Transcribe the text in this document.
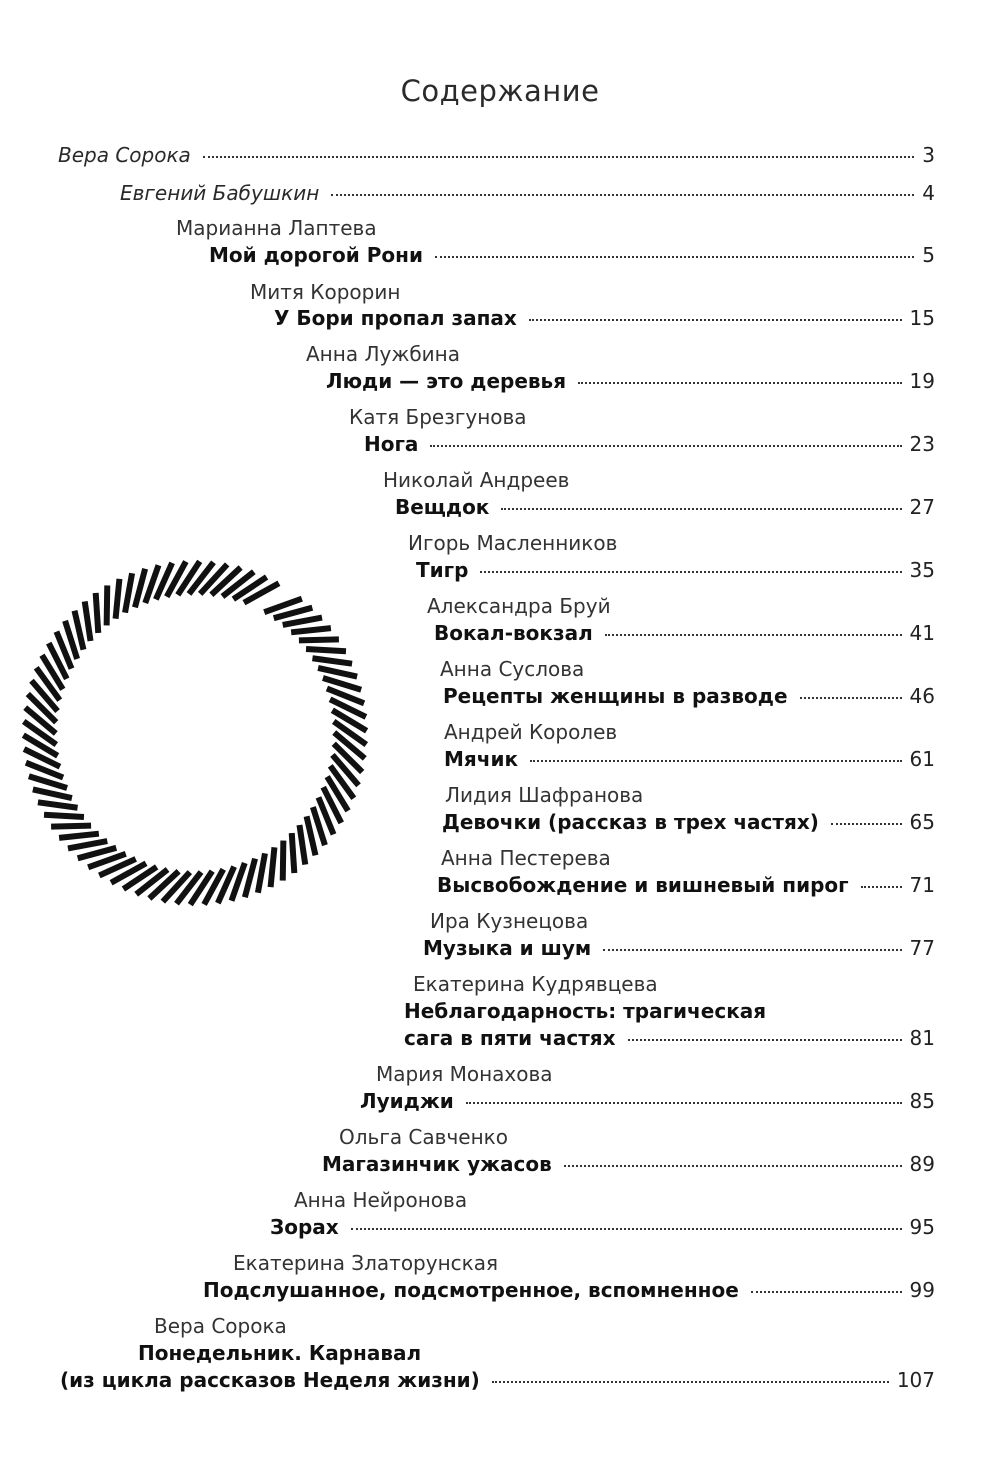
Содержание
Вера Сорока	3
Евгений Бабушкин	4
Марианна Лаптева
Мой дорогой Рони	5
Митя Корорин
У Бори пропал запах	15
Анна Лужбина
Люди — это деревья	19
Катя Брезгунова
Нога	23
Николай Андреев
Вещдок	27
Игорь Масленников
Тигр	35
Александра Бруй
Вокал-вокзал	41
Анна Суслова
Рецепты женщины в разводе	46
Андрей Королев
Мячик	61
Лидия Шафранова
Девочки (рассказ в трех частях)	65
Анна Пестерева
Высвобождение и вишневый пирог	71
Ира Кузнецова
Музыка и шум	77
Екатерина Кудрявцева
Неблагодарность: трагическая
сага в пяти частях	81
Мария Монахова
Луиджи	85
Ольга Савченко
Магазинчик ужасов	89
Анна Нейронова
Зорах	95
Екатерина Златорунская
Подслушанное, подсмотренное, вспомненное	99
Вера Сорока
Понедельник. Карнавал
(из цикла рассказов Неделя жизни)	107
